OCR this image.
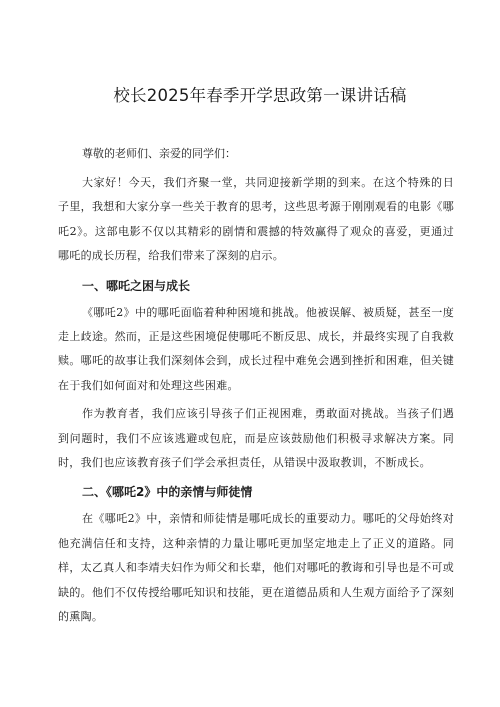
校长2025年春季开学思政第一课讲话稿

尊敬的老师们、亲爱的同学们：

大家好！今天，我们齐聚一堂，共同迎接新学期的到来。在这个特殊的日子里，我想和大家分享一些关于教育的思考，这些思考源于刚刚观看的电影《哪吒2》。这部电影不仅以其精彩的剧情和震撼的特效赢得了观众的喜爱，更通过哪吒的成长历程，给我们带来了深刻的启示。

一、哪吒之困与成长

《哪吒2》中的哪吒面临着种种困境和挑战。他被误解、被质疑，甚至一度走上歧途。然而，正是这些困境促使哪吒不断反思、成长，并最终实现了自我救赎。哪吒的故事让我们深刻体会到，成长过程中难免会遇到挫折和困难，但关键在于我们如何面对和处理这些困难。

作为教育者，我们应该引导孩子们正视困难，勇敢面对挑战。当孩子们遇到问题时，我们不应该逃避或包庇，而是应该鼓励他们积极寻求解决方案。同时，我们也应该教育孩子们学会承担责任，从错误中汲取教训，不断成长。

二、《哪吒2》中的亲情与师徒情

在《哪吒2》中，亲情和师徒情是哪吒成长的重要动力。哪吒的父母始终对他充满信任和支持，这种亲情的力量让哪吒更加坚定地走上了正义的道路。同样，太乙真人和李靖夫妇作为师父和长辈，他们对哪吒的教诲和引导也是不可或缺的。他们不仅传授给哪吒知识和技能，更在道德品质和人生观方面给予了深刻的熏陶。
